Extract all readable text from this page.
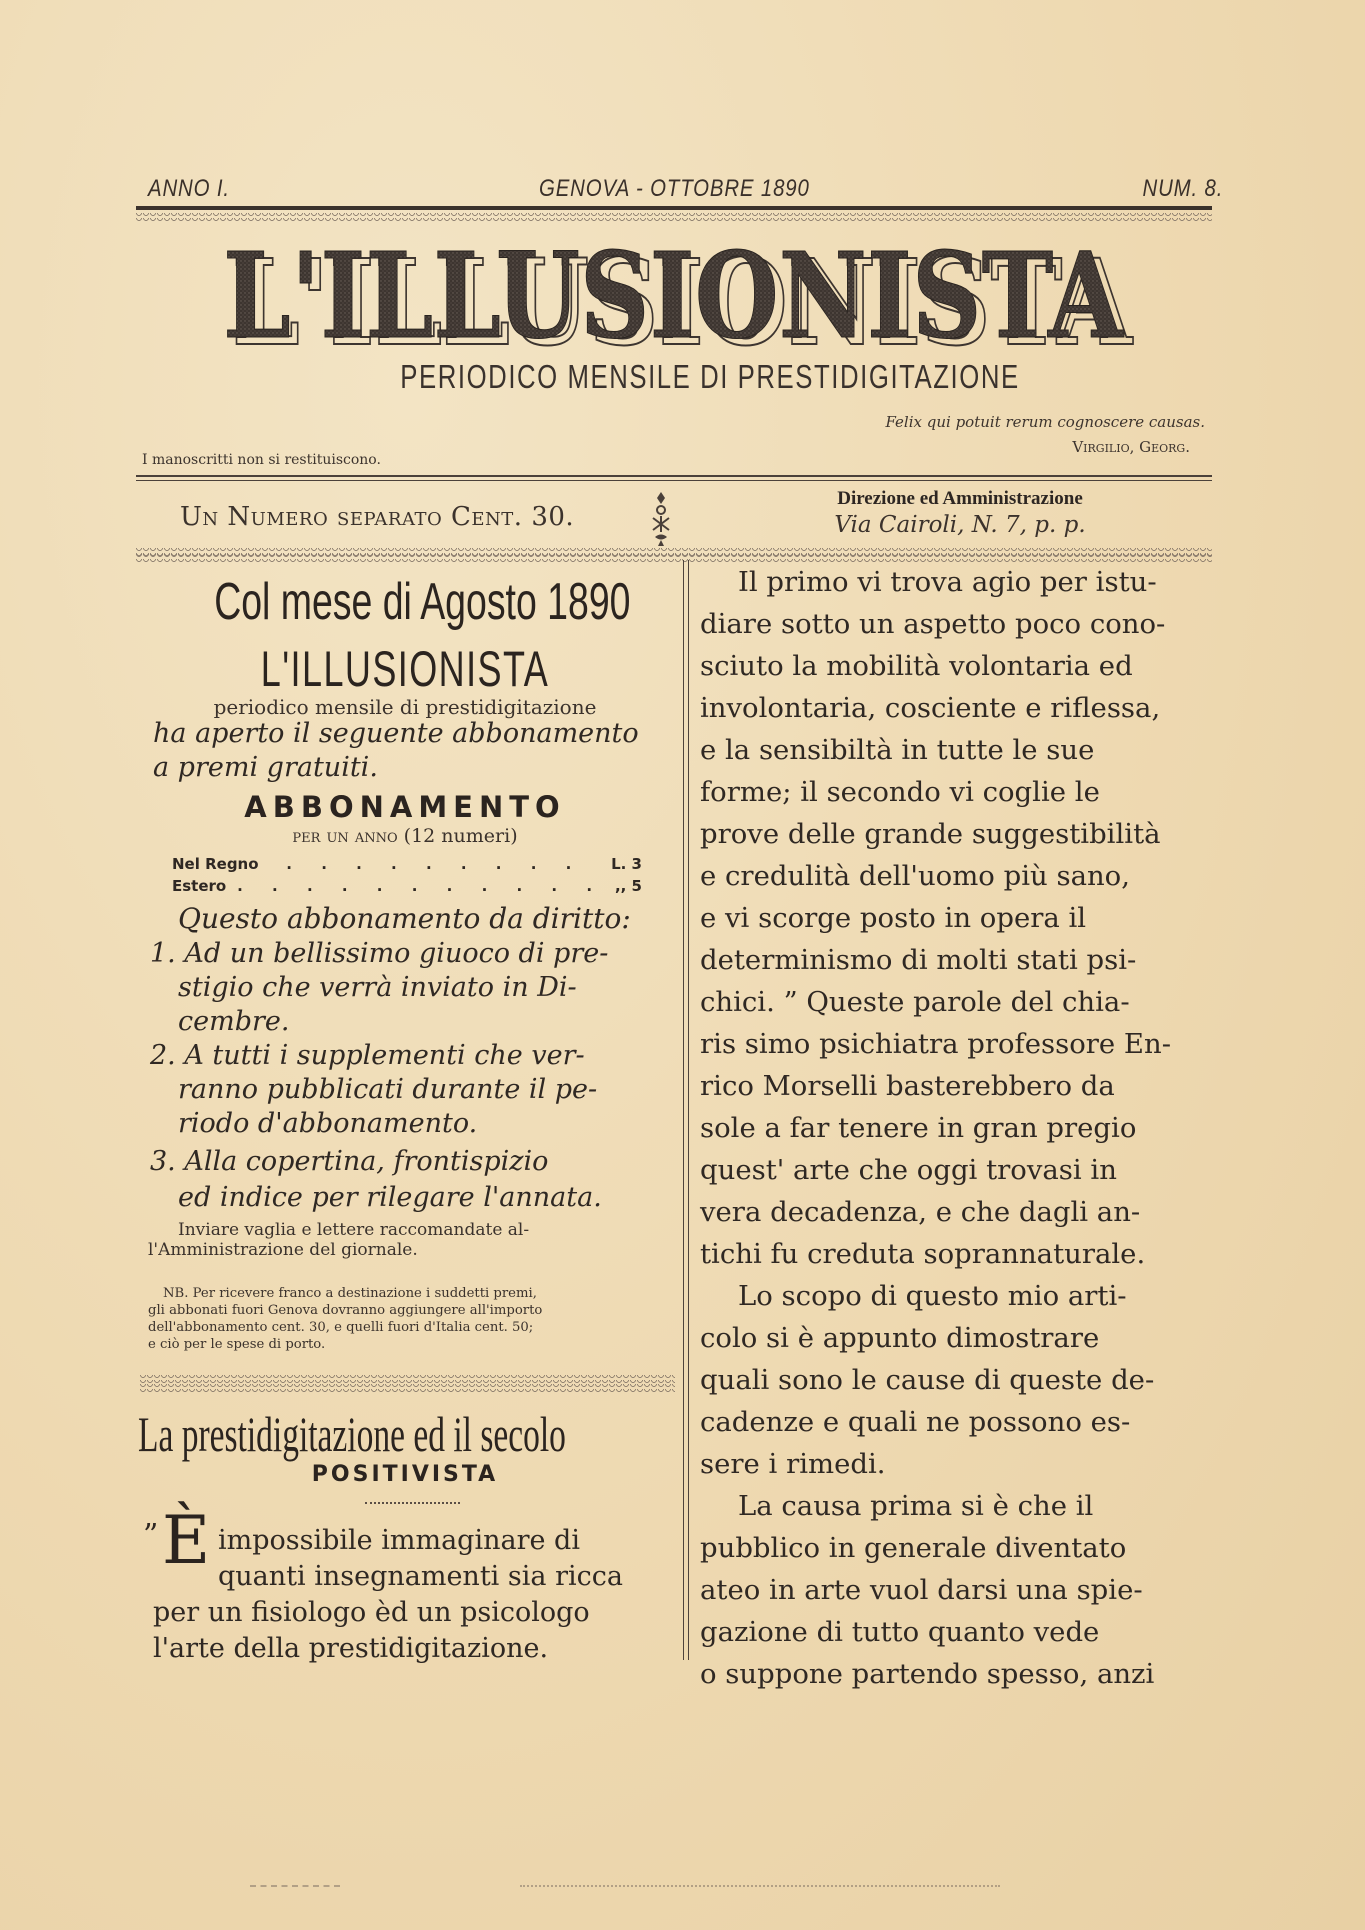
ANNO I.	GENOVA - OTTOBRE 1890	NUM. 8.
L'ILLUSIONISTA
L'ILLUSIONISTA
PERIODICO MENSILE DI PRESTIDIGITAZIONE
Felix qui potuit rerum cognoscere causas.
Virgilio, Georg.
I manoscritti non si restituiscono.
Un Numero separato Cent. 30.
Direzione ed Amministrazione
Via Cairoli, N. 7, p. p.
Col mese di Agosto 1890
L'ILLUSIONISTA
periodico mensile di prestidigitazione
ha aperto il seguente abbonamento
a premi gratuiti.
ABBONAMENTO
per un anno (12 numeri)
Nel Regno	. . . . . . . . .	L. 3
Estero . . . . . . . . . . . ,, 5
Questo abbonamento da diritto:
1. Ad un bellissimo giuoco di pre-
stigio che verrà inviato in Di-
cembre.
2. A tutti i supplementi che ver-
ranno pubblicati durante il pe-
riodo d'abbonamento.
3. Alla copertina, frontispizio
ed indice per rilegare l'annata.
Inviare vaglia e lettere raccomandate al-
l'Amministrazione del giornale.
NB. Per ricevere franco a destinazione i suddetti premi,
gli abbonati fuori Genova dovranno aggiungere all'importo
dell'abbonamento cent. 30, e quelli fuori d'Italia cent. 50;
e ciò per le spese di porto.
La prestidigitazione ed il secolo
POSITIVISTA
” È impossibile immaginare di
quanti insegnamenti sia ricca
per un fisiologo èd un psicologo
l'arte della prestidigitazione.
Il primo vi trova agio per istu-
diare sotto un aspetto poco cono-
sciuto la mobilità volontaria ed
involontaria, cosciente e riflessa,
e la sensibiltà in tutte le sue
forme; il secondo vi coglie le
prove delle grande suggestibilità
e credulità dell'uomo più sano,
e vi scorge posto in opera il
determinismo di molti stati psi-
chici. ” Queste parole del chia-
ris simo psichiatra professore En-
rico Morselli basterebbero da
sole a far tenere in gran pregio
quest' arte che oggi trovasi in
vera decadenza, e che dagli an-
tichi fu creduta soprannaturale.
Lo scopo di questo mio arti-
colo si è appunto dimostrare
quali sono le cause di queste de-
cadenze e quali ne possono es-
sere i rimedi.
La causa prima si è che il
pubblico in generale diventato
ateo in arte vuol darsi una spie-
gazione di tutto quanto vede
o suppone partendo spesso, anzi
